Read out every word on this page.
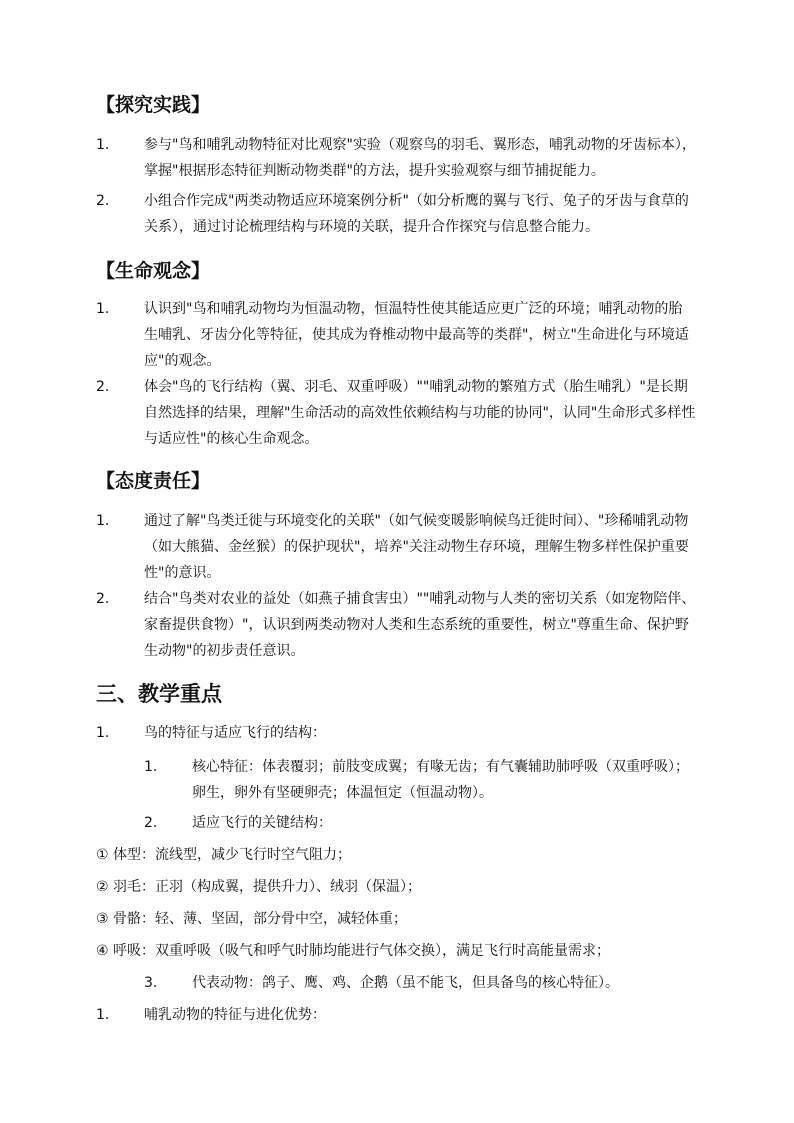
【探究实践】
1.	参与"鸟和哺乳动物特征对比观察"实验（观察鸟的羽毛、翼形态，哺乳动物的牙齿标本），掌握"根据形态特征判断动物类群"的方法，提升实验观察与细节捕捉能力。
2.	小组合作完成"两类动物适应环境案例分析"（如分析鹰的翼与飞行、兔子的牙齿与食草的关系），通过讨论梳理结构与环境的关联，提升合作探究与信息整合能力。
【生命观念】
1.	认识到"鸟和哺乳动物均为恒温动物，恒温特性使其能适应更广泛的环境；哺乳动物的胎生哺乳、牙齿分化等特征，使其成为脊椎动物中最高等的类群"，树立"生命进化与环境适应"的观念。
2.	体会"鸟的飞行结构（翼、羽毛、双重呼吸）""哺乳动物的繁殖方式（胎生哺乳）"是长期自然选择的结果，理解"生命活动的高效性依赖结构与功能的协同"，认同"生命形式多样性与适应性"的核心生命观念。
【态度责任】
1.	通过了解"鸟类迁徙与环境变化的关联"（如气候变暖影响候鸟迁徙时间）、"珍稀哺乳动物（如大熊猫、金丝猴）的保护现状"，培养"关注动物生存环境，理解生物多样性保护重要性"的意识。
2.	结合"鸟类对农业的益处（如燕子捕食害虫）""哺乳动物与人类的密切关系（如宠物陪伴、家畜提供食物）"，认识到两类动物对人类和生态系统的重要性，树立"尊重生命、保护野生动物"的初步责任意识。
三、教学重点
1.	鸟的特征与适应飞行的结构：
1.	核心特征：体表覆羽；前肢变成翼；有喙无齿；有气囊辅助肺呼吸（双重呼吸）；卵生，卵外有坚硬卵壳；体温恒定（恒温动物）。
2.	适应飞行的关键结构：
① 体型：流线型，减少飞行时空气阻力；
② 羽毛：正羽（构成翼，提供升力）、绒羽（保温）；
③ 骨骼：轻、薄、坚固，部分骨中空，减轻体重；
④ 呼吸：双重呼吸（吸气和呼气时肺均能进行气体交换），满足飞行时高能量需求；
3.	代表动物：鸽子、鹰、鸡、企鹅（虽不能飞，但具备鸟的核心特征）。
1.	哺乳动物的特征与进化优势：
